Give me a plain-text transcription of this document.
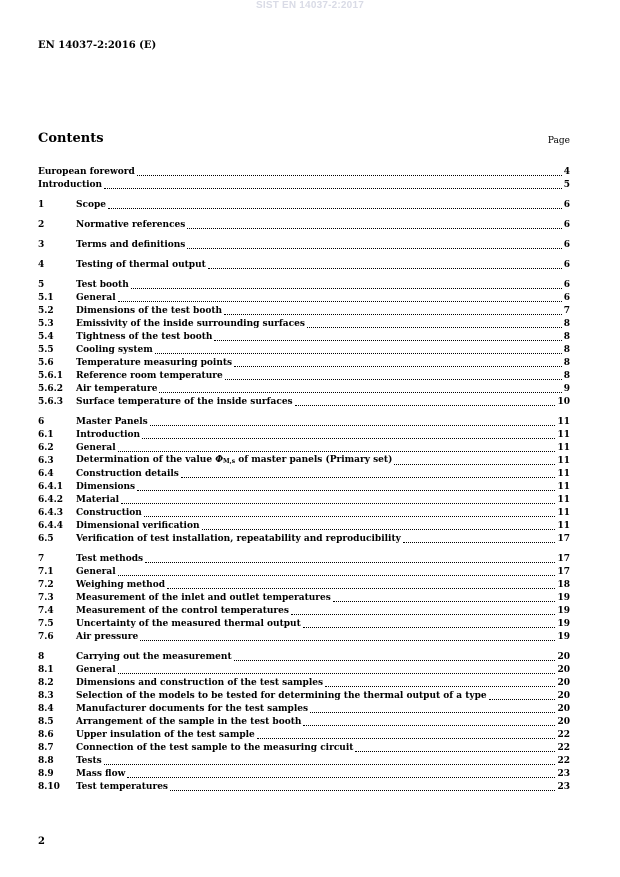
SIST EN 14037-2:2017
EN 14037-2:2016 (E)
Contents	Page
European foreword	4
Introduction	5
1	Scope	6
2	Normative references	6
3	Terms and definitions	6
4	Testing of thermal output	6
5	Test booth	6
5.1	General	6
5.2	Dimensions of the test booth	7
5.3	Emissivity of the inside surrounding surfaces	8
5.4	Tightness of the test booth	8
5.5	Cooling system	8
5.6	Temperature measuring points	8
5.6.1	Reference room temperature	8
5.6.2	Air temperature	9
5.6.3	Surface temperature of the inside surfaces	10
6	Master Panels	11
6.1	Introduction	11
6.2	General	11
6.3	Determination of the value $\Phi_{M,s}$ of master panels (Primary set)	11
6.4	Construction details	11
6.4.1	Dimensions	11
6.4.2	Material	11
6.4.3	Construction	11
6.4.4	Dimensional verification	11
6.5	Verification of test installation, repeatability and reproducibility	17
7	Test methods	17
7.1	General	17
7.2	Weighing method	18
7.3	Measurement of the inlet and outlet temperatures	19
7.4	Measurement of the control temperatures	19
7.5	Uncertainty of the measured thermal output	19
7.6	Air pressure	19
8	Carrying out the measurement	20
8.1	General	20
8.2	Dimensions and construction of the test samples	20
8.3	Selection of the models to be tested for determining the thermal output of a type	20
8.4	Manufacturer documents for the test samples	20
8.5	Arrangement of the sample in the test booth	20
8.6	Upper insulation of the test sample	22
8.7	Connection of the test sample to the measuring circuit	22
8.8	Tests	22
8.9	Mass flow	23
8.10	Test temperatures	23
2
